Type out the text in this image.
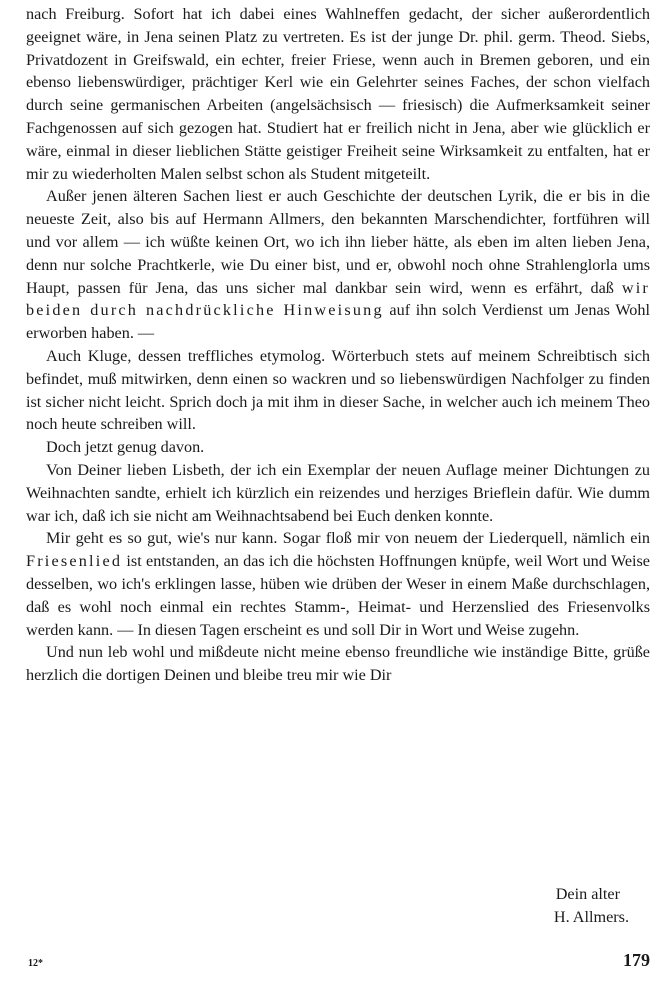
nach Freiburg. Sofort hat ich dabei eines Wahlneffen gedacht, der sicher außerordentlich geeignet wäre, in Jena seinen Platz zu vertreten. Es ist der junge Dr. phil. germ. Theod. Siebs, Privatdozent in Greifswald, ein echter, freier Friese, wenn auch in Bremen geboren, und ein ebenso liebenswürdiger, prächtiger Kerl wie ein Gelehrter seines Faches, der schon vielfach durch seine germanischen Arbeiten (angelsächsisch — friesisch) die Aufmerksamkeit seiner Fachgenossen auf sich gezogen hat. Studiert hat er freilich nicht in Jena, aber wie glücklich er wäre, einmal in dieser lieblichen Stätte geistiger Freiheit seine Wirksamkeit zu entfalten, hat er mir zu wiederholten Malen selbst schon als Student mitgeteilt.

Außer jenen älteren Sachen liest er auch Geschichte der deutschen Lyrik, die er bis in die neueste Zeit, also bis auf Hermann Allmers, den bekannten Marschendichter, fortführen will und vor allem — ich wüßte keinen Ort, wo ich ihn lieber hätte, als eben im alten lieben Jena, denn nur solche Prachtkerle, wie Du einer bist, und er, obwohl noch ohne Strahlenglorla ums Haupt, passen für Jena, das uns sicher mal dankbar sein wird, wenn es erfährt, daß wir beiden durch nachdrückliche Hinweisung auf ihn solch Verdienst um Jenas Wohl erworben haben. —

Auch Kluge, dessen treffliches etymolog. Wörterbuch stets auf meinem Schreibtisch sich befindet, muß mitwirken, denn einen so wackren und so liebenswürdigen Nachfolger zu finden ist sicher nicht leicht. Sprich doch ja mit ihm in dieser Sache, in welcher auch ich meinem Theo noch heute schreiben will.

Doch jetzt genug davon.

Von Deiner lieben Lisbeth, der ich ein Exemplar der neuen Auflage meiner Dichtungen zu Weihnachten sandte, erhielt ich kürzlich ein reizendes und herziges Brieflein dafür. Wie dumm war ich, daß ich sie nicht am Weihnachtsabend bei Euch denken konnte.

Mir geht es so gut, wie's nur kann. Sogar floß mir von neuem der Liederquell, nämlich ein Friesenlied ist entstanden, an das ich die höchsten Hoffnungen knüpfe, weil Wort und Weise desselben, wo ich's erklingen lasse, hüben wie drüben der Weser in einem Maße durchschlagen, daß es wohl noch einmal ein rechtes Stamm-, Heimat- und Herzenslied des Friesenvolks werden kann. — In diesen Tagen erscheint es und soll Dir in Wort und Weise zugehn.

Und nun leb wohl und mißdeute nicht meine ebenso freundliche wie inständige Bitte, grüße herzlich die dortigen Deinen und bleibe treu mir wie Dir

Dein alter
H. Allmers.
12*	179
